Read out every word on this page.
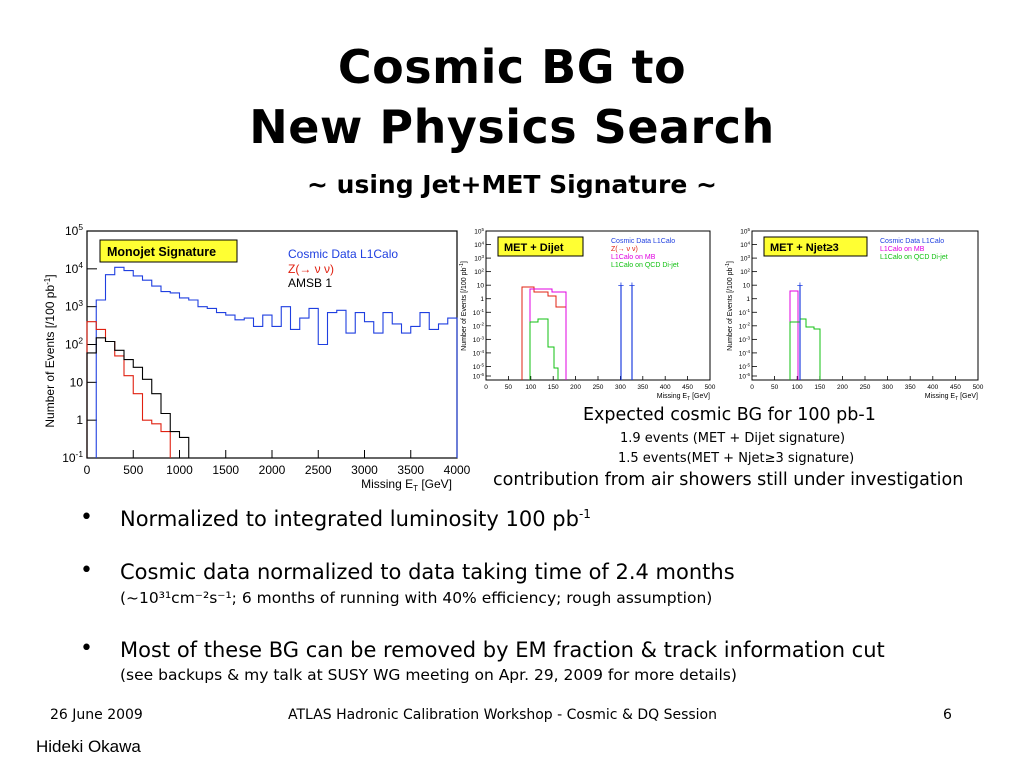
Cosmic BG to
New Physics Search
~ using Jet+MET Signature ~
0	500 1000 1500 2000 2500 3000 3500 4000
$10^{-1}$
1
10
$10^2$
$10^3$
$10^4$
$10^5$
Monojet Signature	Cosmic Data L1Calo
Z(→ ν ν)
AMSB 1
Missing $E_T$ [GeV]
Number of Events [/100 $pb^{-1}$]
0	50 100 150 200 250 300 350 400 450 500
$10^{-6}$
$10^{-5}$
$10^{-4}$
$10^{-3}$
$10^{-2}$
$10^{-1}$
1
10
$10^2$
$10^3$
$10^4$
$10^5$
+ +
MET + Dijet
Cosmic Data L1Calo
Z(→ ν ν)
L1Calo on MB
L1Calo on QCD Di-jet
Missing $E_T$ [GeV]
Number of Events [/100 $pb^{-1}$]
0	50 100 150 200 250 300 350 400 450 500
$10^{-6}$
$10^{-5}$
$10^{-4}$
$10^{-3}$
$10^{-2}$
$10^{-1}$
1
10
$10^2$
$10^3$
$10^4$
$10^5$
+
MET + Njet≥3
Cosmic Data L1Calo
L1Calo on MB
L1Calo on QCD Di-jet
Missing $E_T$ [GeV]
Number of Events [/100 $pb^{-1}$]
Expected cosmic BG for 100 pb-1
1.9 events (MET + Dijet signature)
1.5 events(MET + Njet≥3 signature)
contribution from air showers still under investigation
• Normalized to integrated luminosity 100 $pb^{-1}$
• Cosmic data normalized to data taking time of 2.4 months
(~10³¹cm⁻²s⁻¹; 6 months of running with 40% efficiency; rough assumption)
• Most of these BG can be removed by EM fraction & track information cut
(see backups & my talk at SUSY WG meeting on Apr. 29, 2009 for more details)
26 June 2009	ATLAS Hadronic Calibration Workshop - Cosmic & DQ Session	6
Hideki Okawa
